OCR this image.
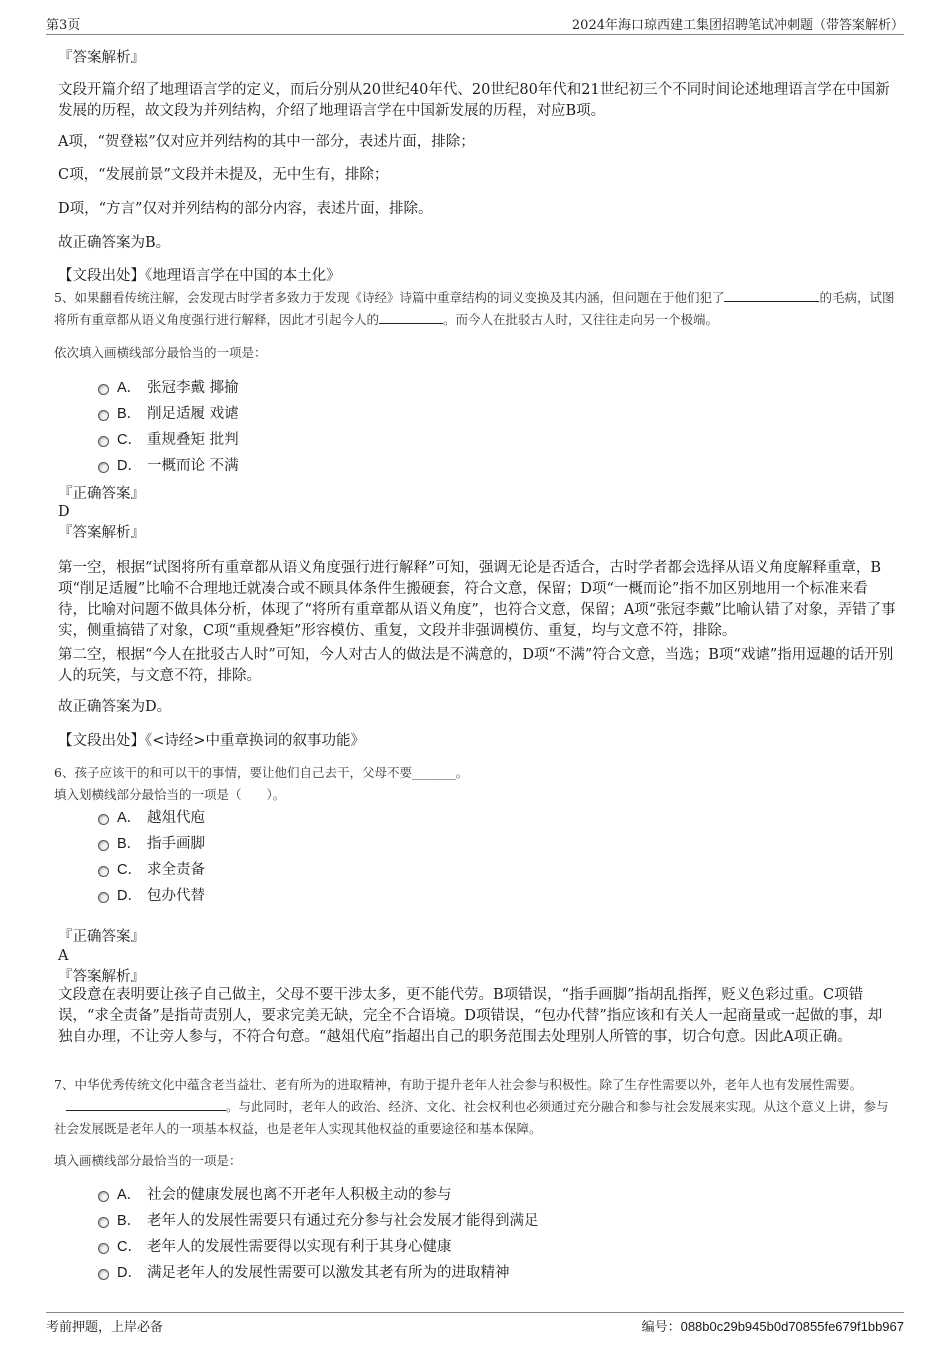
第3页	2024年海口琼西建工集团招聘笔试冲刺题（带答案解析）

『答案解析』

文段开篇介绍了地理语言学的定义，而后分别从20世纪40年代、20世纪80年代和21世纪初三个不同时间论述地理语言学在中国新发展的历程，故文段为并列结构，介绍了地理语言学在中国新发展的历程，对应B项。

A项，“贺登崧”仅对应并列结构的其中一部分，表述片面，排除；

C项，“发展前景”文段并未提及，无中生有，排除；

D项，“方言”仅对并列结构的部分内容，表述片面，排除。

故正确答案为B。

【文段出处】《地理语言学在中国的本土化》

5、如果翻看传统注解，会发现古时学者多致力于发现《诗经》诗篇中重章结构的词义变换及其内涵，但问题在于他们犯了	的毛病，试图将所有重章都从语义角度强行进行解释，因此才引起今人的	。而今人在批驳古人时，又往往走向另一个极端。

依次填入画横线部分最恰当的一项是：

A． 张冠李戴 揶揄
B． 削足适履 戏谑
C． 重规叠矩 批判
D． 一概而论 不满

『正确答案』

D

『答案解析』

第一空，根据“试图将所有重章都从语义角度强行进行解释”可知，强调无论是否适合，古时学者都会选择从语义角度解释重章，B项“削足适履”比喻不合理地迁就凑合或不顾具体条件生搬硬套，符合文意，保留；D项“一概而论”指不加区别地用一个标准来看待，比喻对问题不做具体分析，体现了“将所有重章都从语义角度”，也符合文意，保留；A项“张冠李戴”比喻认错了对象，弄错了事实，侧重搞错了对象，C项“重规叠矩”形容模仿、重复，文段并非强调模仿、重复，均与文意不符，排除。

第二空，根据“今人在批驳古人时”可知，今人对古人的做法是不满意的，D项“不满”符合文意，当选；B项“戏谑”指用逗趣的话开别人的玩笑，与文意不符，排除。

故正确答案为D。

【文段出处】《<诗经>中重章换词的叙事功能》

6、孩子应该干的和可以干的事情，要让他们自己去干，父母不要_______。

填入划横线部分最恰当的一项是（　　）。

A． 越俎代庖
B． 指手画脚
C． 求全责备
D． 包办代替

『正确答案』

A

『答案解析』

文段意在表明要让孩子自己做主，父母不要干涉太多，更不能代劳。B项错误，“指手画脚”指胡乱指挥，贬义色彩过重。C项错误，“求全责备”是指苛责别人，要求完美无缺，完全不合语境。D项错误，“包办代替”指应该和有关人一起商量或一起做的事，却独自办理，不让旁人参与，不符合句意。“越俎代庖”指超出自己的职务范围去处理别人所管的事，切合句意。因此A项正确。

7、中华优秀传统文化中蕴含老当益壮、老有所为的进取精神，有助于提升老年人社会参与积极性。除了生存性需要以外，老年人也有发展性需要。。与此同时，老年人的政治、经济、文化、社会权利也必须通过充分融合和参与社会发展来实现。从这个意义上讲，参与社会发展既是老年人的一项基本权益，也是老年人实现其他权益的重要途径和基本保障。

填入画横线部分最恰当的一项是：

A． 社会的健康发展也离不开老年人积极主动的参与
B． 老年人的发展性需要只有通过充分参与社会发展才能得到满足
C． 老年人的发展性需要得以实现有利于其身心健康
D． 满足老年人的发展性需要可以激发其老有所为的进取精神
考前押题，上岸必备	编号：088b0c29b945b0d70855fe679f1bb967
